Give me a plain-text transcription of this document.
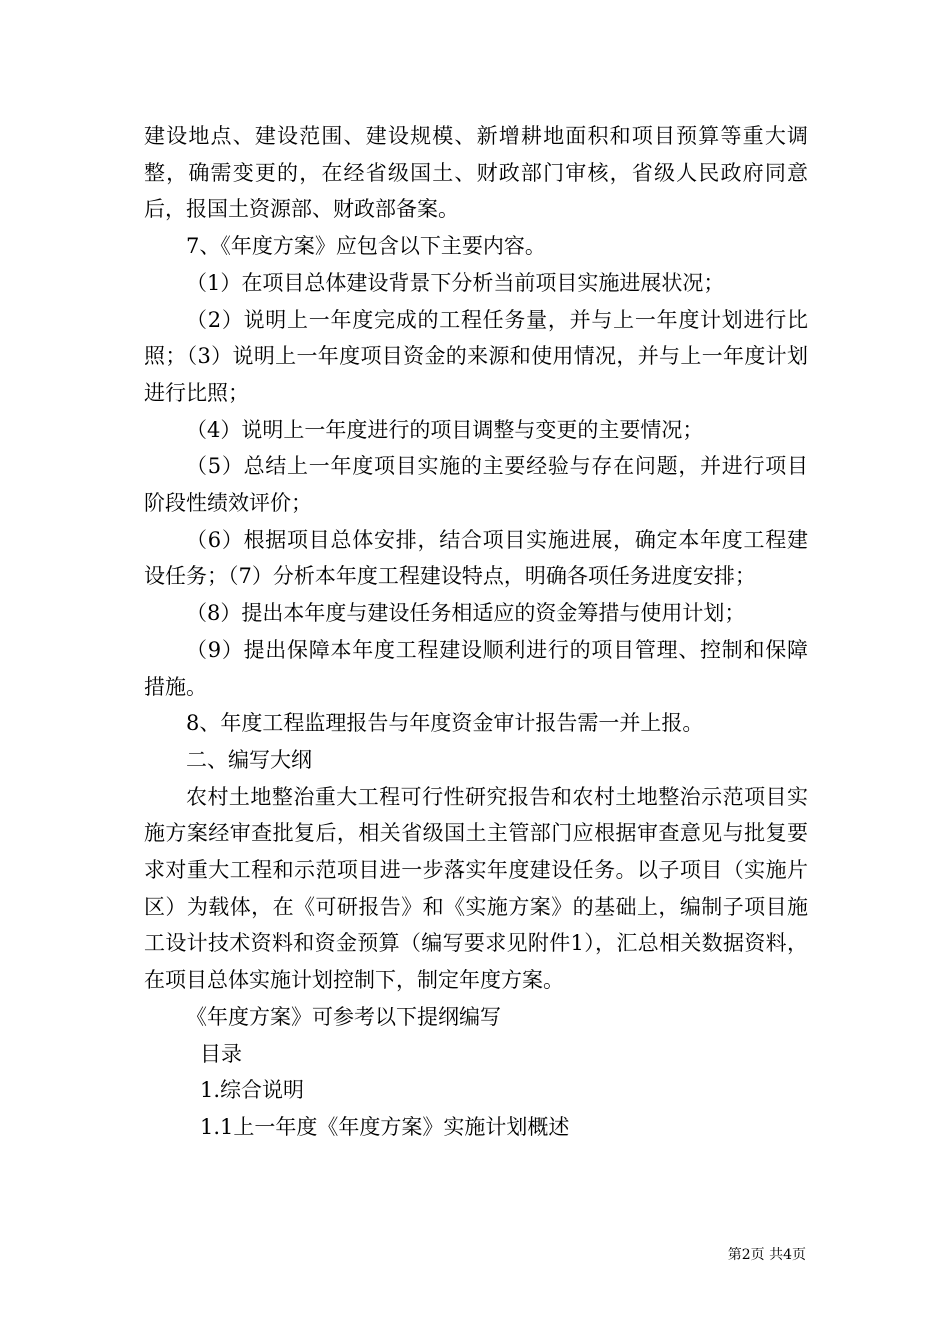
建设地点、建设范围、建设规模、新增耕地面积和项目预算等重大调整，确需变更的，在经省级国土、财政部门审核，省级人民政府同意后，报国土资源部、财政部备案。

7、《年度方案》应包含以下主要内容。

（1）在项目总体建设背景下分析当前项目实施进展状况；

（2）说明上一年度完成的工程任务量，并与上一年度计划进行比照；（3）说明上一年度项目资金的来源和使用情况，并与上一年度计划进行比照；

（4）说明上一年度进行的项目调整与变更的主要情况；

（5）总结上一年度项目实施的主要经验与存在问题，并进行项目阶段性绩效评价；

（6）根据项目总体安排，结合项目实施进展，确定本年度工程建设任务；（7）分析本年度工程建设特点，明确各项任务进度安排；

（8）提出本年度与建设任务相适应的资金筹措与使用计划；

（9）提出保障本年度工程建设顺利进行的项目管理、控制和保障措施。

8、年度工程监理报告与年度资金审计报告需一并上报。

二、编写大纲

农村土地整治重大工程可行性研究报告和农村土地整治示范项目实施方案经审查批复后，相关省级国土主管部门应根据审查意见与批复要求对重大工程和示范项目进一步落实年度建设任务。以子项目（实施片区）为载体，在《可研报告》和《实施方案》的基础上，编制子项目施工设计技术资料和资金预算（编写要求见附件1），汇总相关数据资料，在项目总体实施计划控制下，制定年度方案。

《年度方案》可参考以下提纲编写

目录

1.综合说明

1.1上一年度《年度方案》实施计划概述

第2页 共4页
